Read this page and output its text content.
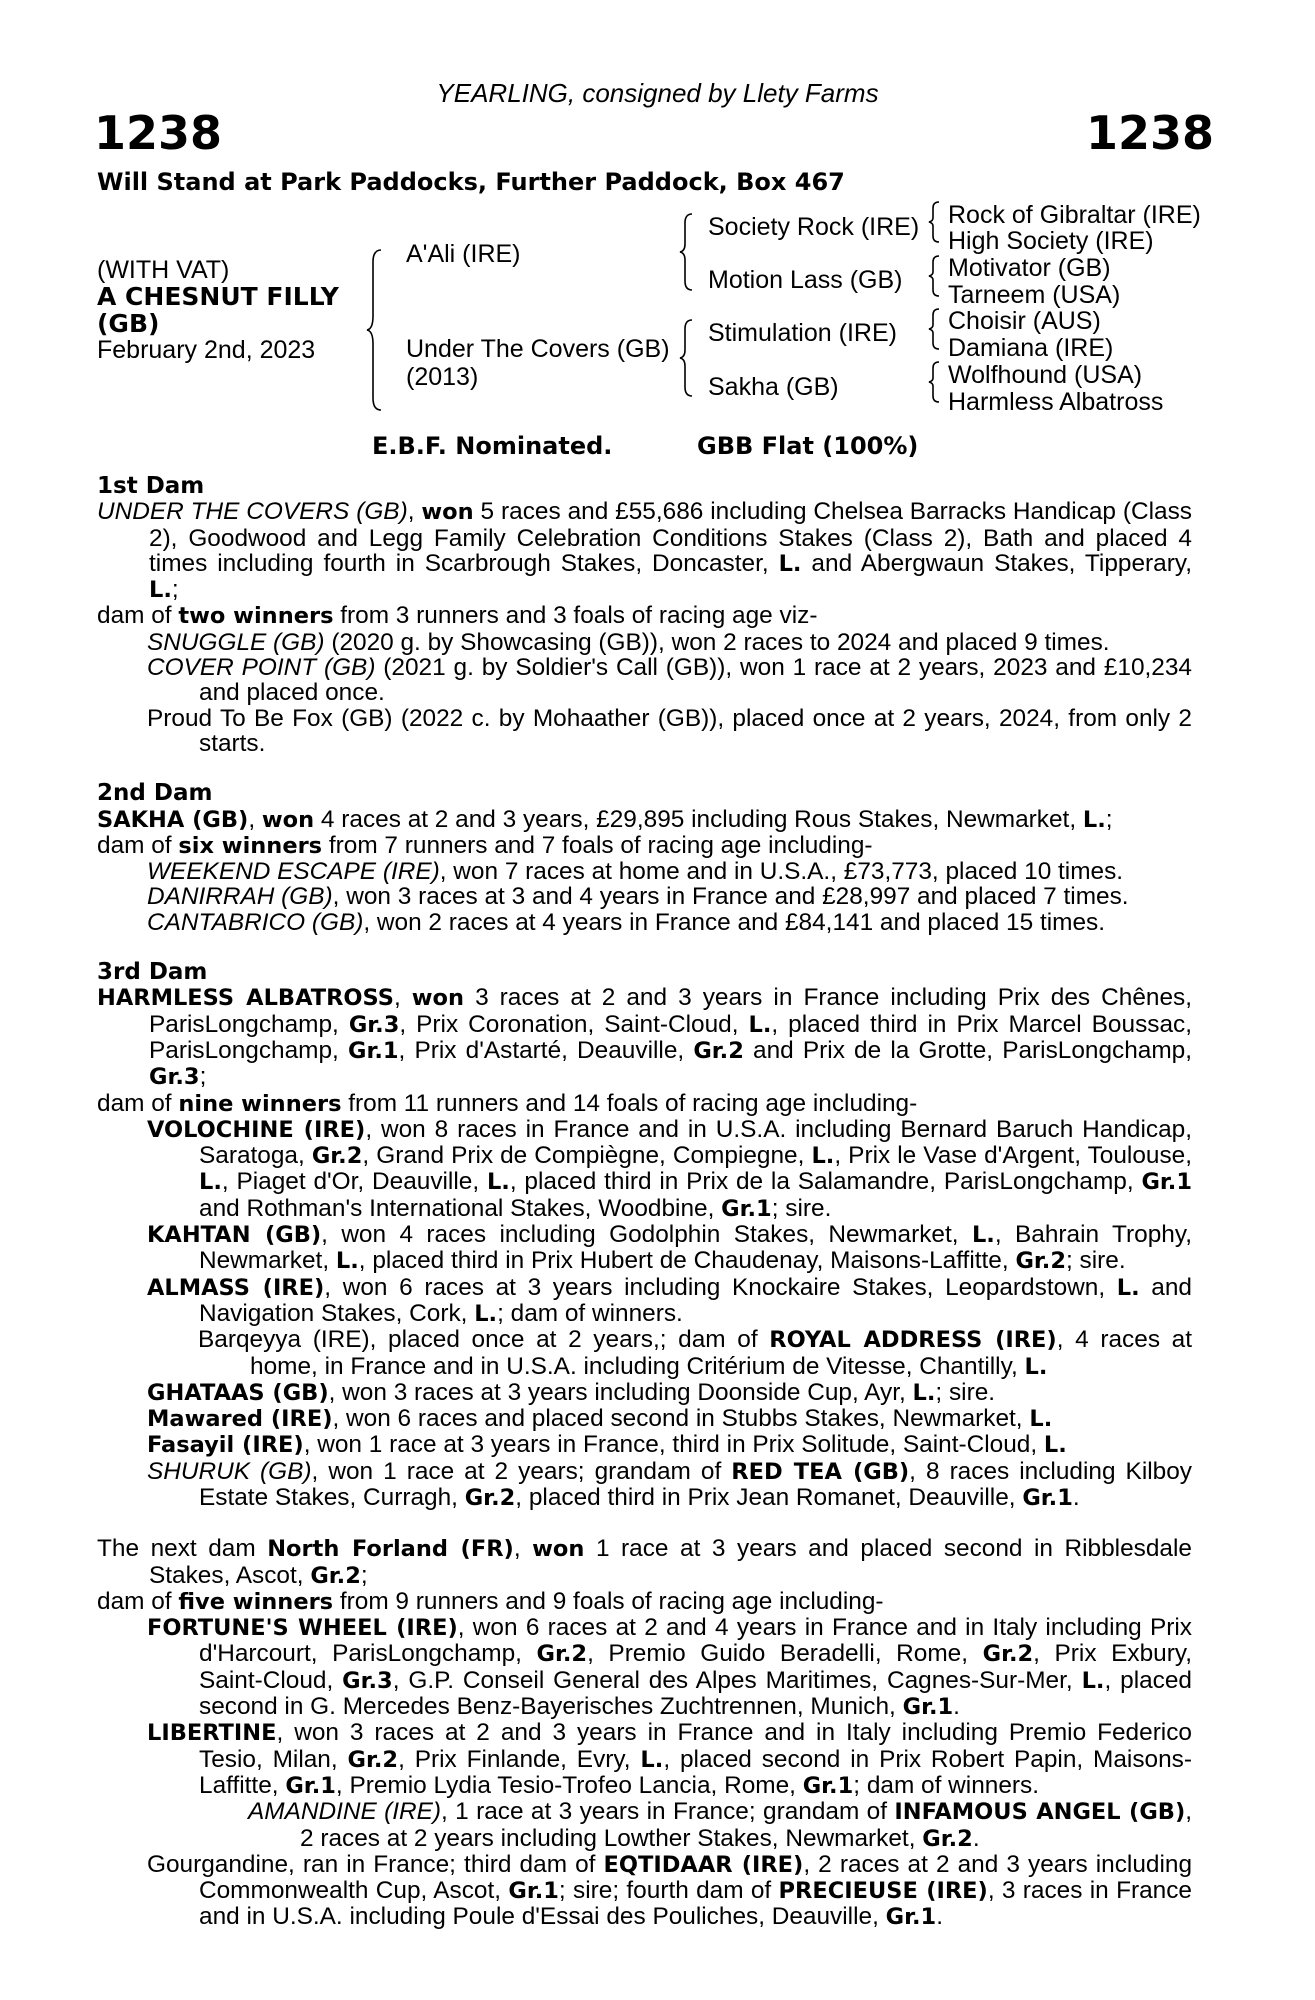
YEARLING, consigned by Llety Farms
1238	1238
Will Stand at Park Paddocks, Further Paddock, Box 467
(WITH VAT)
A CHESNUT FILLY
(GB)
February 2nd, 2023
A'Ali (IRE)
Under The Covers (GB)
(2013)
Society Rock (IRE)
Motion Lass (GB)
Stimulation (IRE)
Sakha (GB)
Rock of Gibraltar (IRE)
High Society (IRE)
Motivator (GB)
Tarneem (USA)
Choisir (AUS)
Damiana (IRE)
Wolfhound (USA)
Harmless Albatross
E.B.F. Nominated.	GBB Flat (100%)

1st Dam

UNDER THE COVERS (GB), won 5 races and £55,686 including Chelsea Barracks Handicap (Class 2), Goodwood and Legg Family Celebration Conditions Stakes (Class 2), Bath and placed 4 times including fourth in Scarbrough Stakes, Doncaster, L. and Abergwaun Stakes, Tipperary, L.;

dam of two winners from 3 runners and 3 foals of racing age viz-

SNUGGLE (GB) (2020 g. by Showcasing (GB)), won 2 races to 2024 and placed 9 times.

COVER POINT (GB) (2021 g. by Soldier's Call (GB)), won 1 race at 2 years, 2023 and £10,234 and placed once.

Proud To Be Fox (GB) (2022 c. by Mohaather (GB)), placed once at 2 years, 2024, from only 2 starts.

2nd Dam

SAKHA (GB), won 4 races at 2 and 3 years, £29,895 including Rous Stakes, Newmarket, L.;

dam of six winners from 7 runners and 7 foals of racing age including-

WEEKEND ESCAPE (IRE), won 7 races at home and in U.S.A., £73,773, placed 10 times.

DANIRRAH (GB), won 3 races at 3 and 4 years in France and £28,997 and placed 7 times.

CANTABRICO (GB), won 2 races at 4 years in France and £84,141 and placed 15 times.

3rd Dam

HARMLESS ALBATROSS, won 3 races at 2 and 3 years in France including Prix des Chênes, ParisLongchamp, Gr.3, Prix Coronation, Saint-Cloud, L., placed third in Prix Marcel Boussac, ParisLongchamp, Gr.1, Prix d'Astarté, Deauville, Gr.2 and Prix de la Grotte, ParisLongchamp, Gr.3;

dam of nine winners from 11 runners and 14 foals of racing age including-

VOLOCHINE (IRE), won 8 races in France and in U.S.A. including Bernard Baruch Handicap, Saratoga, Gr.2, Grand Prix de Compiègne, Compiegne, L., Prix le Vase d'Argent, Toulouse, L., Piaget d'Or, Deauville, L., placed third in Prix de la Salamandre, ParisLongchamp, Gr.1 and Rothman's International Stakes, Woodbine, Gr.1; sire.

KAHTAN (GB), won 4 races including Godolphin Stakes, Newmarket, L., Bahrain Trophy, Newmarket, L., placed third in Prix Hubert de Chaudenay, Maisons-Laffitte, Gr.2; sire.

ALMASS (IRE), won 6 races at 3 years including Knockaire Stakes, Leopardstown, L. and Navigation Stakes, Cork, L.; dam of winners.

Barqeyya (IRE), placed once at 2 years,; dam of ROYAL ADDRESS (IRE), 4 races at home, in France and in U.S.A. including Critérium de Vitesse, Chantilly, L.

GHATAAS (GB), won 3 races at 3 years including Doonside Cup, Ayr, L.; sire.

Mawared (IRE), won 6 races and placed second in Stubbs Stakes, Newmarket, L.

Fasayil (IRE), won 1 race at 3 years in France, third in Prix Solitude, Saint-Cloud, L.

SHURUK (GB), won 1 race at 2 years; grandam of RED TEA (GB), 8 races including Kilboy Estate Stakes, Curragh, Gr.2, placed third in Prix Jean Romanet, Deauville, Gr.1.

The next dam North Forland (FR), won 1 race at 3 years and placed second in Ribblesdale Stakes, Ascot, Gr.2;

dam of five winners from 9 runners and 9 foals of racing age including-

FORTUNE'S WHEEL (IRE), won 6 races at 2 and 4 years in France and in Italy including Prix d'Harcourt, ParisLongchamp, Gr.2, Premio Guido Beradelli, Rome, Gr.2, Prix Exbury, Saint-Cloud, Gr.3, G.P. Conseil General des Alpes Maritimes, Cagnes-Sur-Mer, L., placed second in G. Mercedes Benz-Bayerisches Zuchtrennen, Munich, Gr.1.

LIBERTINE, won 3 races at 2 and 3 years in France and in Italy including Premio Federico Tesio, Milan, Gr.2, Prix Finlande, Evry, L., placed second in Prix Robert Papin, Maisons-Laffitte, Gr.1, Premio Lydia Tesio-Trofeo Lancia, Rome, Gr.1; dam of winners.

AMANDINE (IRE), 1 race at 3 years in France; grandam of INFAMOUS ANGEL (GB), 2 races at 2 years including Lowther Stakes, Newmarket, Gr.2.

Gourgandine, ran in France; third dam of EQTIDAAR (IRE), 2 races at 2 and 3 years including Commonwealth Cup, Ascot, Gr.1; sire; fourth dam of PRECIEUSE (IRE), 3 races in France and in U.S.A. including Poule d'Essai des Pouliches, Deauville, Gr.1.
